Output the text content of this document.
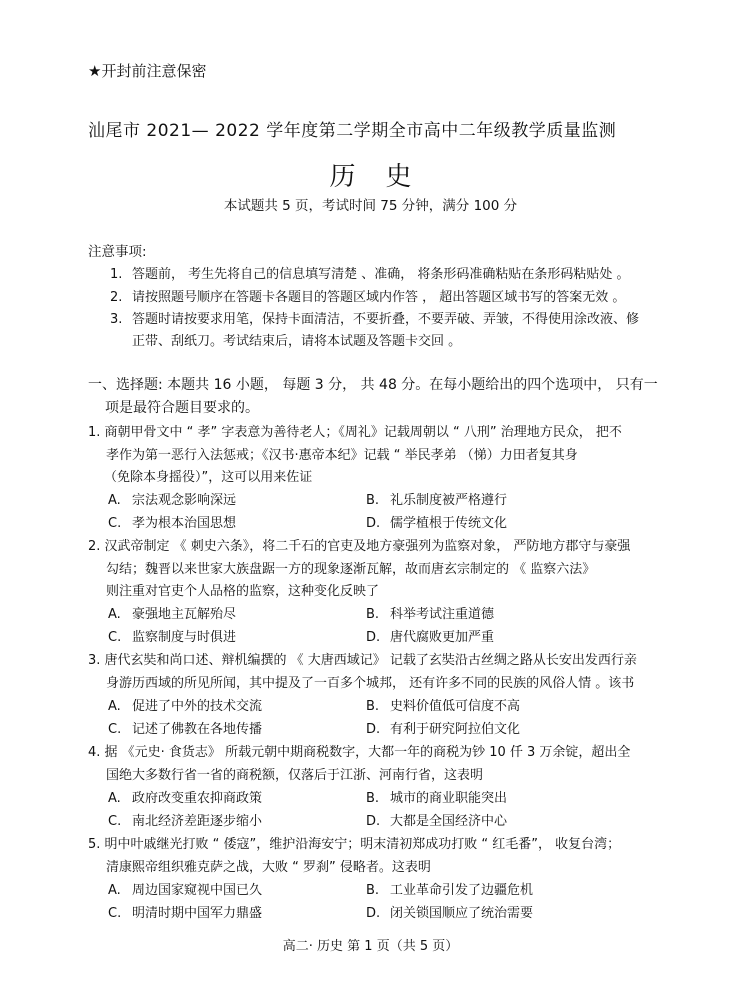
★开封前注意保密
汕尾市 2021— 2022 学年度第二学期全市高中二年级教学质量监测
历史
本试题共 5 页，考试时间 75 分钟，满分 100 分
注意事项:
1. 答题前， 考生先将自己的信息填写清楚 、准确， 将条形码准确粘贴在条形码粘贴处 。
2. 请按照题号顺序在答题卡各题目的答题区域内作答 ， 超出答题区域书写的答案无效 。
3. 答题时请按要求用笔，保持卡面清洁，不要折叠，不要弄破、弄皱，不得使用涂改液、修
正带、刮纸刀。考试结束后，请将本试题及答题卡交回 。
一、选择题: 本题共 16 小题， 每题 3 分， 共 48 分。在每小题给出的四个选项中， 只有一
项是最符合题目要求的。
1. 商朝甲骨文中 “ 孝” 字表意为善待老人；《周礼》记载周朝以 “ 八刑” 治理地方民众， 把不
孝作为第一恶行入法惩戒；《汉书·惠帝本纪》记载 “ 举民孝弟 （悌）力田者复其身
（免除本身摇役）”，这可以用来佐证
A. 宗法观念影响深远	B. 礼乐制度被严格遵行
C. 孝为根本治国思想	D. 儒学植根于传统文化
2. 汉武帝制定 《 刺史六条》，将二千石的官吏及地方豪强列为监察对象， 严防地方郡守与豪强
勾结；魏晋以来世家大族盘踞一方的现象逐渐瓦解，故而唐玄宗制定的 《 监察六法》
则注重对官吏个人品格的监察，这种变化反映了
A. 豪强地主瓦解殆尽	B. 科举考试注重道德
C. 监察制度与时俱进	D. 唐代腐败更加严重
3. 唐代玄奘和尚口述、辩机编撰的 《 大唐西域记》 记载了玄奘沿古丝绸之路从长安出发西行亲
身游历西域的所见所闻，其中提及了一百多个城邦， 还有许多不同的民族的风俗人情 。该书
A. 促进了中外的技术交流	B. 史料价值低可信度不高
C. 记述了佛教在各地传播	D. 有利于研究阿拉伯文化
4. 据 《元史· 食货志》 所载元朝中期商税数字，大都一年的商税为钞 10 仟 3 万余锭，超出全
国绝大多数行省一省的商税额，仅落后于江浙、河南行省，这表明
A. 政府改变重农抑商政策	B. 城市的商业职能突出
C. 南北经济差距逐步缩小	D. 大都是全国经济中心
5. 明中叶戚继光打败 “ 倭寇”，维护沿海安宁；明末清初郑成功打败 “ 红毛番”， 收复台湾；
清康熙帝组织雅克萨之战，大败 “ 罗刹” 侵略者。这表明
A. 周边国家窥视中国已久	B. 工业革命引发了边疆危机
C. 明清时期中国军力鼎盛	D. 闭关锁国顺应了统治需要
高二· 历史 第 1 页（共 5 页）
